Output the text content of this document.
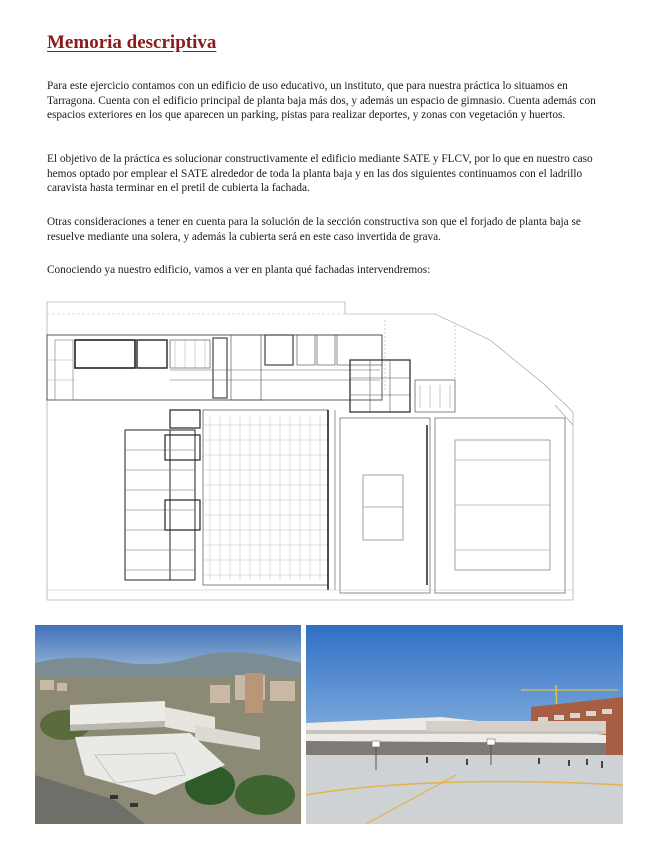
Memoria descriptiva

Para este ejercicio contamos con un edificio de uso educativo, un instituto, que para nuestra práctica lo situamos en Tarragona. Cuenta con el edificio principal de planta baja más dos, y además un espacio de gimnasio. Cuenta además con espacios exteriores en los que aparecen un parking, pistas para realizar deportes, y zonas con vegetación y huertos.

El objetivo de la práctica es solucionar constructivamente el edificio mediante SATE y FLCV, por lo que en nuestro caso hemos optado por emplear el SATE alrededor de toda la planta baja y en las dos siguientes continuamos con el ladrillo caravista hasta terminar en el pretil de cubierta la fachada.

Otras consideraciones a tener en cuenta para la solución de la sección constructiva son que el forjado de planta baja se resuelve mediante una solera, y además la cubierta será en este caso invertida de grava.

Conociendo ya nuestro edificio, vamos a ver en planta qué fachadas intervendremos:
